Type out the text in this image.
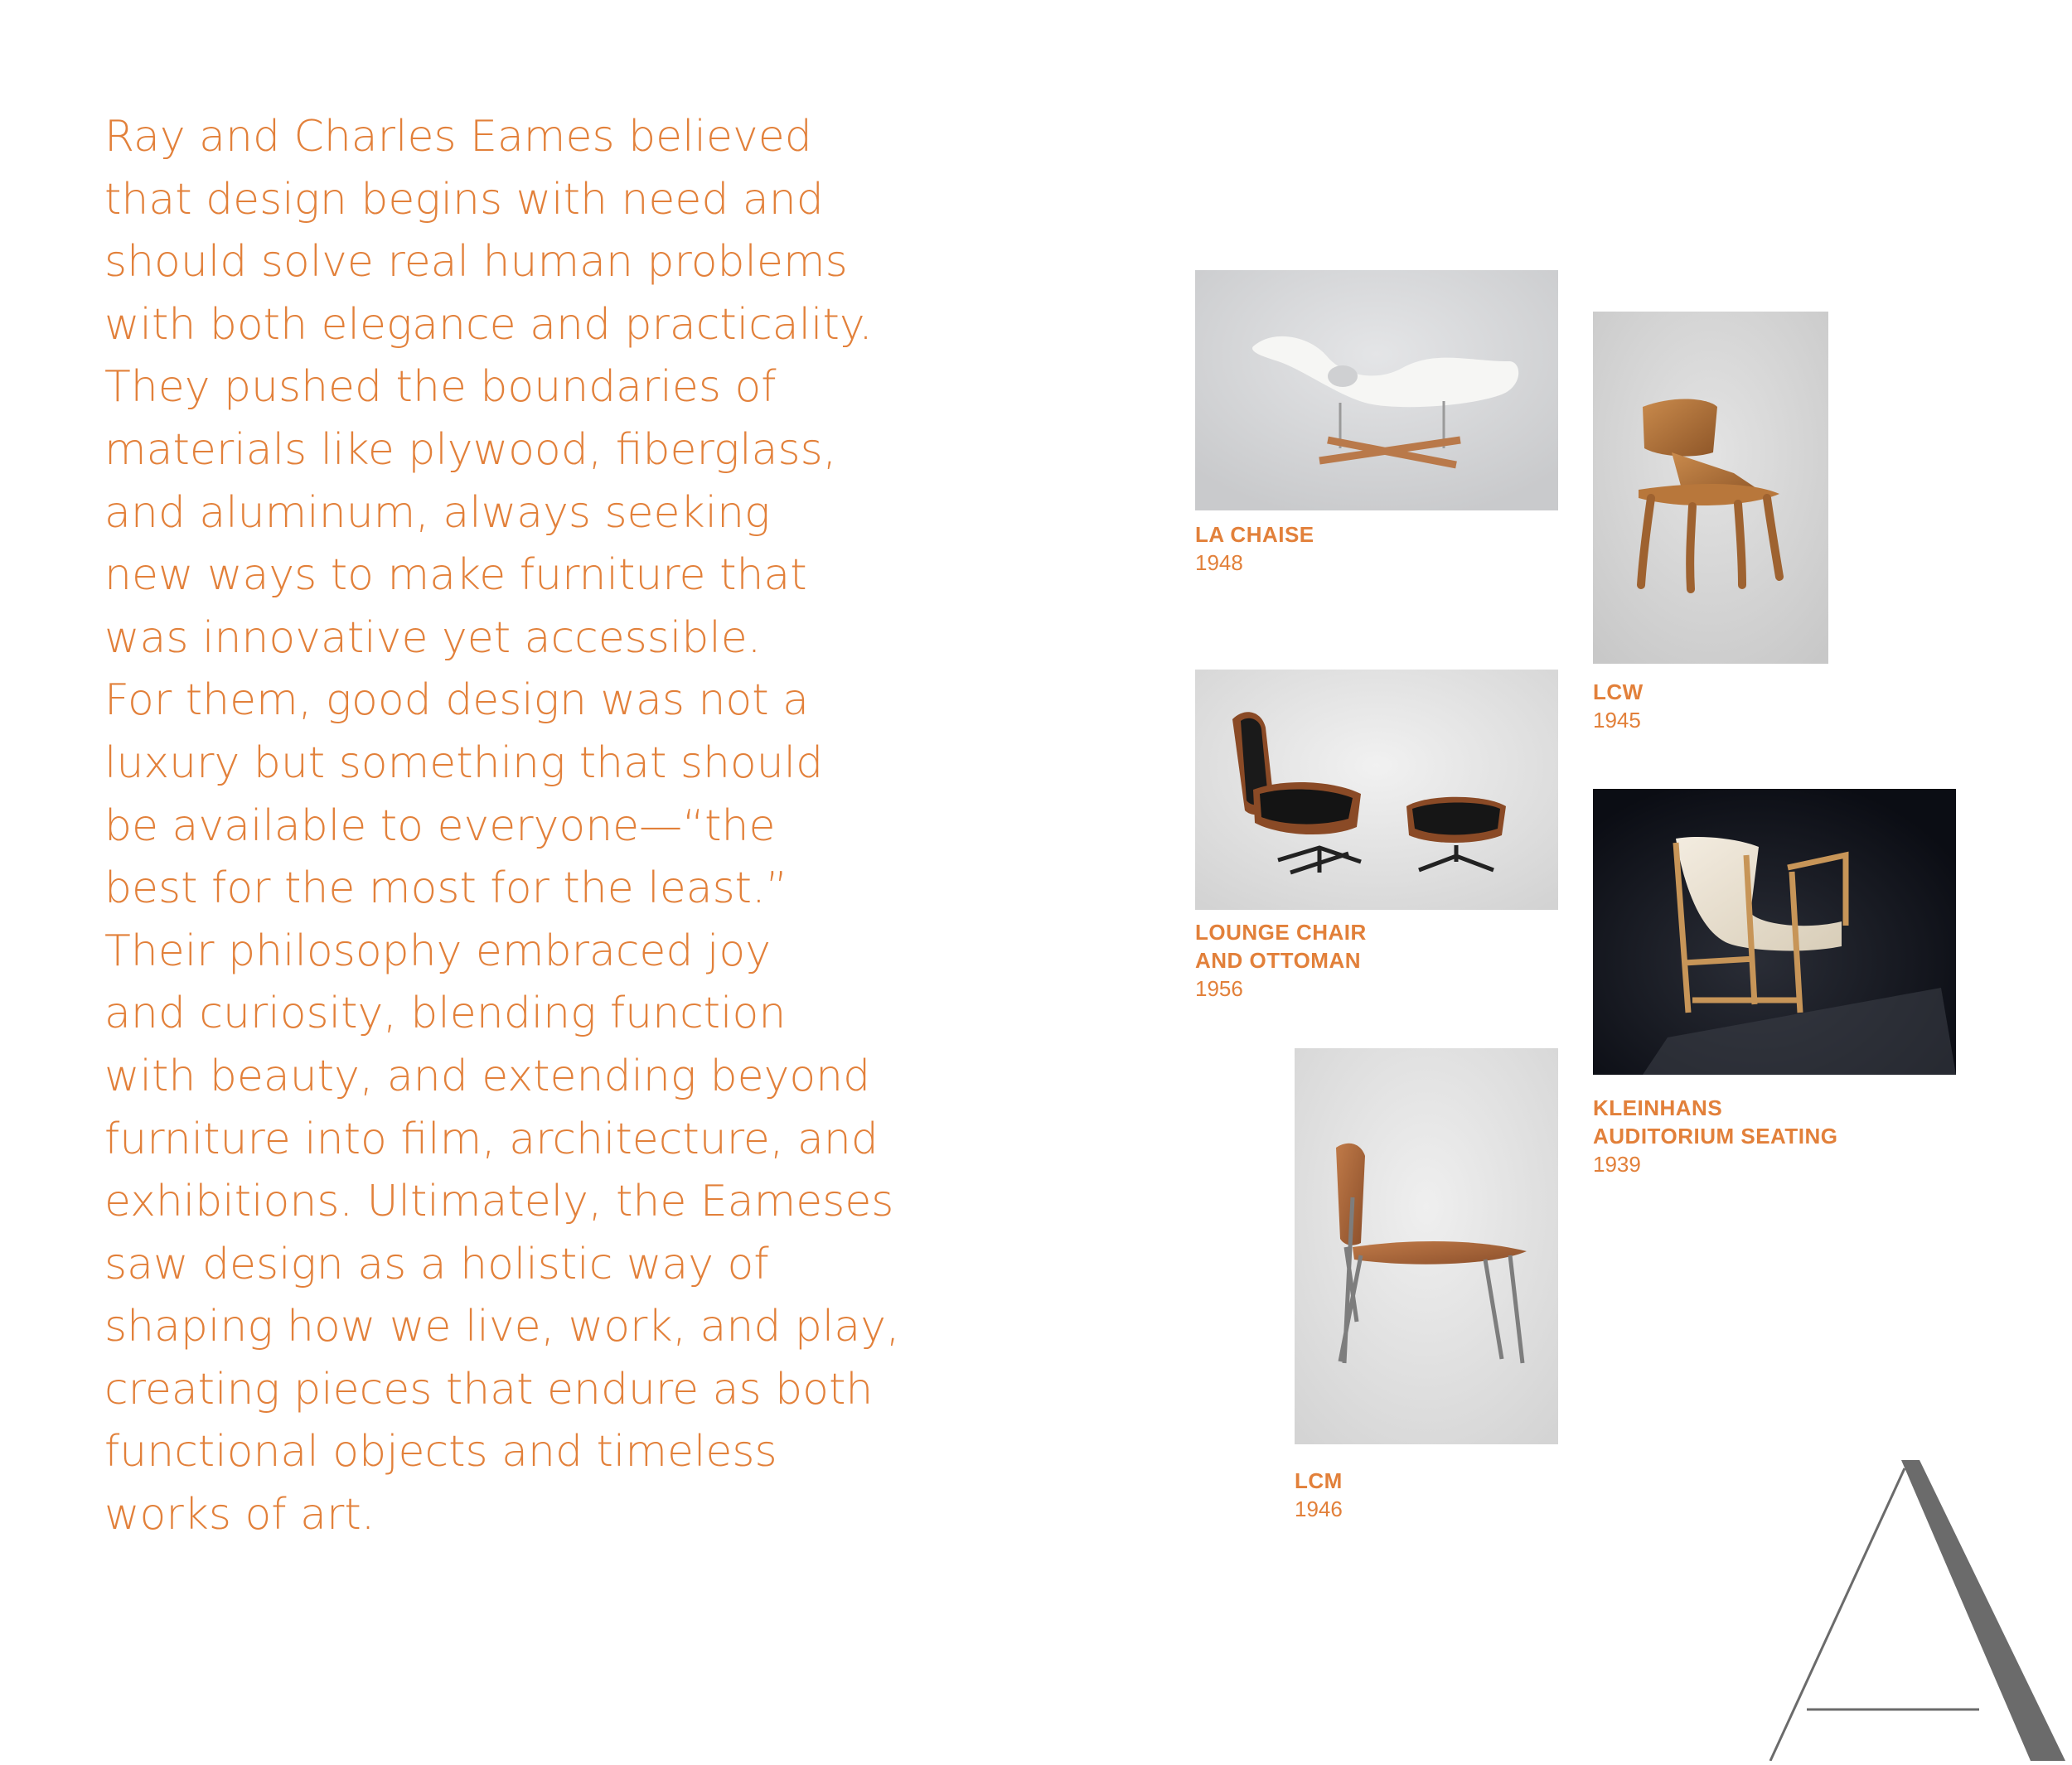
Ray and Charles Eames believed
that design begins with need and
should solve real human problems
with both elegance and practicality.
They pushed the boundaries of
materials like plywood, fiberglass,
and aluminum, always seeking
new ways to make furniture that
was innovative yet accessible.
For them, good design was not a
luxury but something that should
be available to everyone—“the
best for the most for the least.”
Their philosophy embraced joy
and curiosity, blending function
with beauty, and extending beyond
furniture into film, architecture, and
exhibitions. Ultimately, the Eameses
saw design as a holistic way of
shaping how we live, work, and play,
creating pieces that endure as both
functional objects and timeless
works of art.
LA CHAISE
1948
LCW
1945
LOUNGE CHAIR
AND OTTOMAN
1956
KLEINHANS
AUDITORIUM SEATING
1939
LCM
1946
